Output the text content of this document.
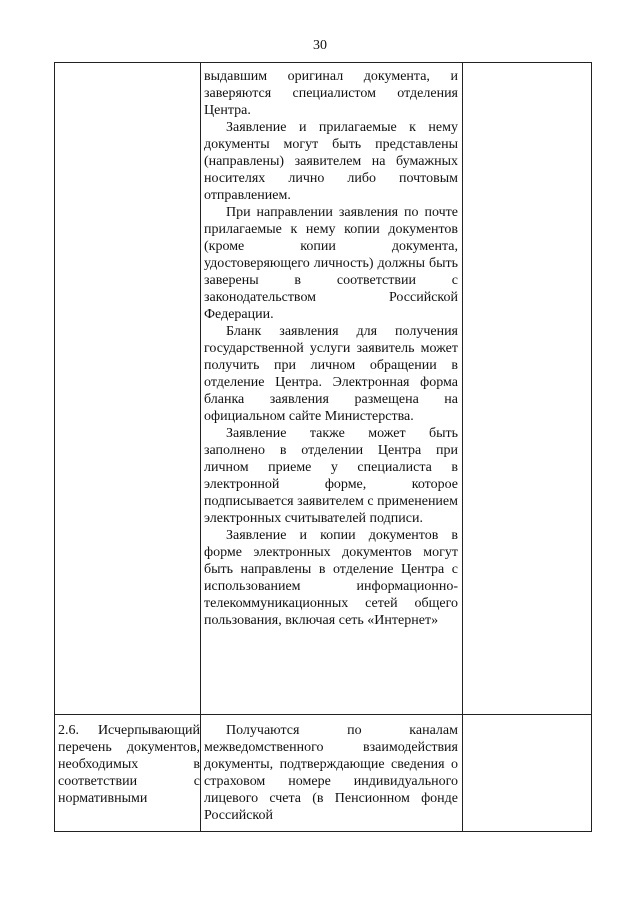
30

выдавшим оригинал документа, и заверяются специалистом отделения Центра.

Заявление и прилагаемые к нему документы могут быть представлены (направлены) заявителем на бумажных носителях лично либо почтовым отправлением.

При направлении заявления по почте прилагаемые к нему копии документов (кроме копии документа, удостоверяющего личность) должны быть заверены в соответствии с законодательством Российской Федерации.

Бланк заявления для получения государственной услуги заявитель может получить при личном обращении в отделение Центра. Электронная форма бланка заявления размещена на официальном сайте Министерства.

Заявление также может быть заполнено в отделении Центра при личном приеме у специалиста в электронной форме, которое подписывается заявителем с применением электронных считывателей подписи.

Заявление и копии документов в форме электронных документов могут быть направлены в отделение Центра с использованием информационно-телекоммуникационных сетей общего пользования, включая сеть «Интернет»

2.6. Исчерпывающий перечень документов, необходимых в соответствии с нормативными

Получаются по каналам межведомственного взаимодействия документы, подтверждающие сведения о страховом номере индивидуального лицевого счета (в Пенсионном фонде Российской
